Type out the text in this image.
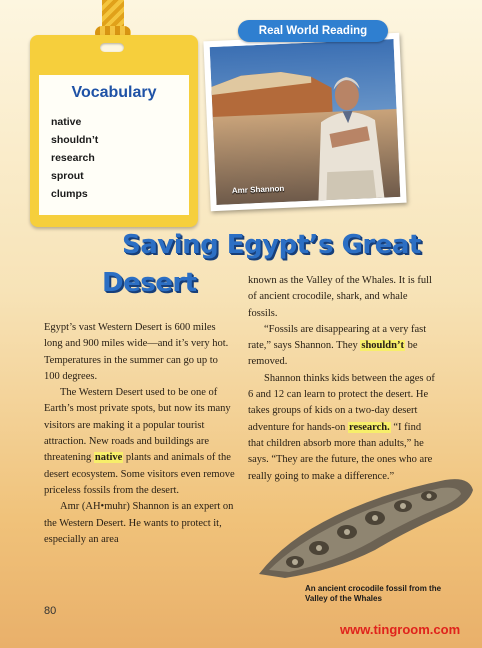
Vocabulary
native
shouldn’t
research
sprout
clumps
Real World Reading
Amr Shannon
Saving Egypt’s Great
Desert

Egypt’s vast Western Desert is 600 miles long and 900 miles wide—and it’s very hot. Temperatures in the summer can go up to 100 degrees.

The Western Desert used to be one of Earth’s most private spots, but now its many visitors are making it a popular tourist attraction. New roads and buildings are threatening native plants and animals of the desert ecosystem. Some visitors even remove priceless fossils from the desert.

Amr (AH•muhr) Shannon is an expert on the Western Desert. He wants to protect it, especially an area

known as the Valley of the Whales. It is full of ancient crocodile, shark, and whale fossils.

“Fossils are disappearing at a very fast rate,” says Shannon. They shouldn’t be removed.

Shannon thinks kids between the ages of 6 and 12 can learn to protect the desert. He takes groups of kids on a two-day desert adventure for hands-on research. “I find that children absorb more than adults,” he says. “They are the future, the ones who are really going to make a difference.”

An ancient crocodile fossil from the Valley of the Whales
80
www.tingroom.com
